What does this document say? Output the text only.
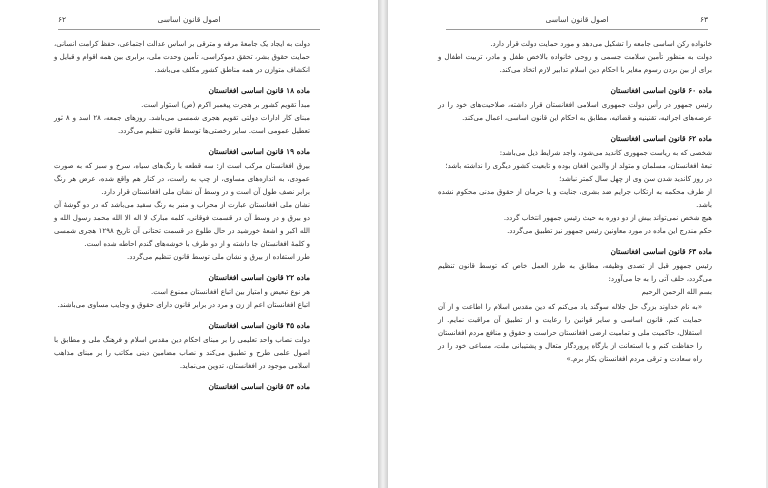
اصول قانون اساسی
۶۲

دولت به ایجاد یک جامعهٔ مرفه و مترقی بر اساس عدالت اجتماعی، حفظ کرامت انسانی، حمایت حقوق بشر، تحقق دموکراسی، تأمین وحدت ملی، برابری بین همه اقوام و قبایل و انکشاف متوازن در همه مناطق کشور مکلف می‌باشد.

ماده ۱۸ قانون اساسی افغانستان

مبدأ تقویم کشور بر هجرت پیغمبر اکرم (ص) استوار است.

مبنای کار ادارات دولتی تقویم هجری شمسی می‌باشد. روزهای جمعه، ۲۸ اسد و ۸ ثور تعطیل عمومی است. سایر رخصتی‌ها توسط قانون تنظیم می‌گردد.

ماده ۱۹ قانون اساسی افغانستان

بیرق افغانستان مرکب است از: سه قطعه با رنگ‌های سیاه، سرخ و سبز که به صورت عمودی، به اندازه‌های مساوی، از چپ به راست، در کنار هم واقع شده، عرض هر رنگ برابر نصف طول آن است و در وسط آن نشان ملی افغانستان قرار دارد.

نشان ملی افغانستان عبارت از محراب و منبر به رنگ سفید می‌باشد که در دو گوشهٔ آن دو بیرق و در وسط آن در قسمت فوقانی، کلمه مبارک لا اله الا الله محمد رسول الله و الله اکبر و اشعهٔ خورشید در حال طلوع در قسمت تحتانی آن تاریخ ۱۲۹۸ هجری شمسی و کلمهٔ افغانستان جا داشته و از دو طرف با خوشه‌های گندم احاطه شده است.

طرز استفاده از بیرق و نشان ملی توسط قانون تنظیم می‌گردد.

ماده ۲۲ قانون اساسی افغانستان

هر نوع تبعیض و امتیاز بین اتباع افغانستان ممنوع است.

اتباع افغانستان اعم از زن و مرد در برابر قانون دارای حقوق و وجایب مساوی می‌باشند.

ماده ۴۵ قانون اساسی افغانستان

دولت نصاب واحد تعلیمی را بر مبنای احکام دین مقدس اسلام و فرهنگ ملی و مطابق با اصول علمی طرح و تطبیق می‌کند و نصاب مضامین دینی مکاتب را بر مبنای مذاهب اسلامی موجود در افغانستان، تدوین می‌نماید.

ماده ۵۴ قانون اساسی افغانستان
اصول قانون اساسی	۶۳

خانواده رکن اساسی جامعه را تشکیل می‌دهد و مورد حمایت دولت قرار دارد.

دولت به منظور تأمین سلامت جسمی و روحی خانواده بالاخص طفل و مادر، تربیت اطفال و برای از بین بردن رسوم مغایر با احکام دین اسلام تدابیر لازم اتخاذ می‌کند.

ماده ۶۰ قانون اساسی افغانستان

رئیس جمهور در رأس دولت جمهوری اسلامی افغانستان قرار داشته، صلاحیت‌های خود را در عرصه‌های اجرائیه، تقنینیه و قضائیه، مطابق به احکام این قانون اساسی، اعمال می‌کند.

ماده ۶۲ قانون اساسی افغانستان

شخصی که به ریاست جمهوری کاندید می‌شود، واجد شرایط ذیل می‌باشد:

تبعهٔ افغانستان، مسلمان و متولد از والدین افغان بوده و تابعیت کشور دیگری را نداشته باشد؛

در روز کاندید شدن سن وی از چهل سال کمتر نباشد؛

از طرف محکمه به ارتکاب جرایم ضد بشری، جنایت و یا حرمان از حقوق مدنی محکوم نشده باشد.

هیچ شخص نمی‌تواند بیش از دو دوره به حیث رئیس جمهور انتخاب گردد.

حکم مندرج این ماده در مورد معاونین رئیس جمهور نیز تطبیق می‌گردد.

ماده ۶۳ قانون اساسی افغانستان

رئیس جمهور قبل از تصدی وظیفه، مطابق به طرز العمل خاص که توسط قانون تنظیم می‌گردد، حلف آتی را به جا می‌آورد:

بسم الله الرحمن الرحیم

«به نام خداوند بزرگ حل جلاله سوگند یاد می‌کنم که دین مقدس اسلام را اطاعت و از آن حمایت کنم. قانون اساسی و سایر قوانین را رعایت و از تطبیق آن مراقبت نمایم. از استقلال، حاکمیت ملی و تمامیت ارضی افغانستان حراست و حقوق و منافع مردم افغانستان را حفاظت کنم و با استعانت از بارگاه پروردگار متعال و پشتیبانی ملت، مساعی خود را در راه سعادت و ترقی مردم افغانستان بکار برم.»
